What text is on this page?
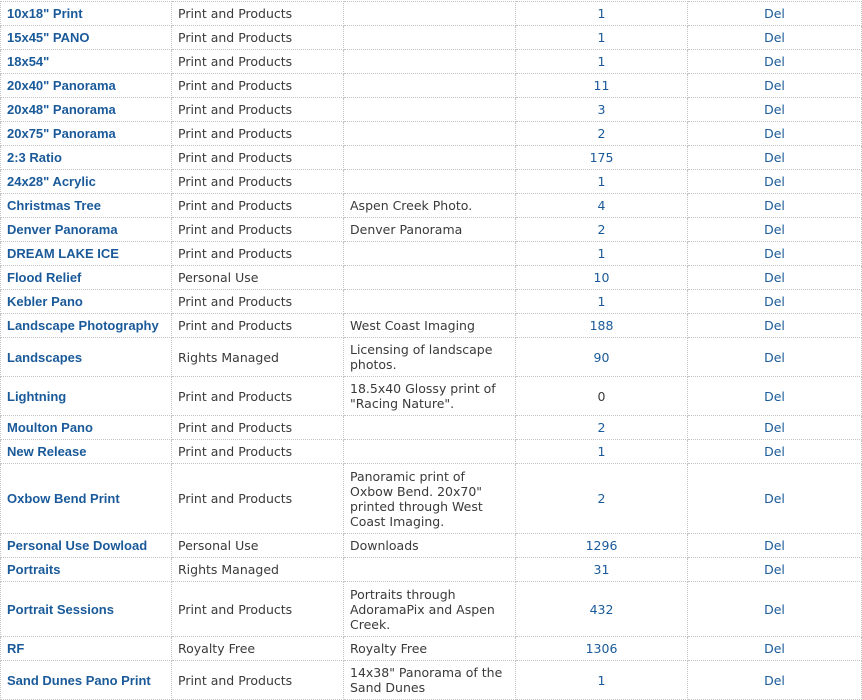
10x18" Print	Print and Products		1	Del
15x45" PANO	Print and Products		1	Del
18x54"	Print and Products		1	Del
20x40" Panorama	Print and Products		11	Del
20x48" Panorama	Print and Products		3	Del
20x75" Panorama	Print and Products		2	Del
2:3 Ratio	Print and Products		175	Del
24x28" Acrylic	Print and Products		1	Del
Christmas Tree	Print and Products	Aspen Creek Photo.	4	Del
Denver Panorama	Print and Products	Denver Panorama	2	Del
DREAM LAKE ICE	Print and Products		1	Del
Flood Relief	Personal Use		10	Del
Kebler Pano	Print and Products		1	Del
Landscape Photography	Print and Products	West Coast Imaging	188	Del
Landscapes	Rights Managed	Licensing of landscape photos.	90	Del
Lightning	Print and Products	18.5x40 Glossy print of "Racing Nature".	0	Del
Moulton Pano	Print and Products		2	Del
New Release	Print and Products		1	Del
Oxbow Bend Print	Print and Products	Panoramic print of Oxbow Bend. 20x70" printed through West Coast Imaging.	2	Del
Personal Use Dowload	Personal Use	Downloads	1296	Del
Portraits	Rights Managed		31	Del
Portrait Sessions	Print and Products	Portraits through AdoramaPix and Aspen Creek.	432	Del
RF	Royalty Free	Royalty Free	1306	Del
Sand Dunes Pano Print	Print and Products	14x38" Panorama of the Sand Dunes	1	Del
